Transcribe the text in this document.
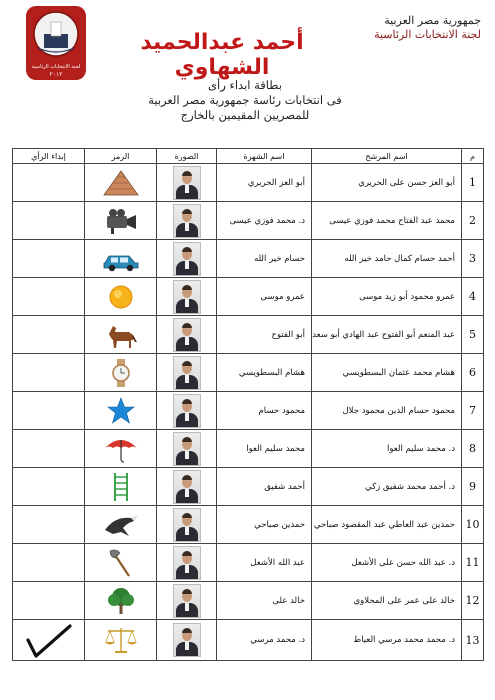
جمهورية مصر العربية
لجنة الانتخابات الرئاسية
أحمد عبدالحميد الشهاوي
لجنة الانتخابات الرئاسية
٢٠١٢
بطاقة ابداء رأى
فى انتخابات رئاسة جمهورية مصر العربية
للمصريين المقيمين بالخارج
م	اسم المرشح	اسم الشهرة	الصورة	الرمز	إبداء الرأي
1	أبو العز حسن على الحريري	أبو العز الحريري	

2	محمد عبد الفتاح محمد فوزي عيسى	د. محمد فوزي عيسى	

3	أحمد حسام كمال حامد خير الله	حسام خير الله	

4	عمرو محمود أبو زيد موسى	عمرو موسى	

5	عبد المنعم أبو الفتوح عبد الهادي أبو سعد	أبو الفتوح	

6	هشام محمد عثمان البسطويسي	هشام البسطويسي	

7	محمود حسام الدين محمود جلال	محمود حسام	

8	د. محمد سليم العوا	محمد سليم العوا	

9	د. أحمد محمد شفيق زكي	أحمد شفيق	

10	حمدين عبد العاطي عبد المقصود صباحي	حمدين صباحي	

11	د. عبد الله حسن على الأشعل	عبد الله الأشعل	

12	خالد على عمر على المحلاوي	خالد على	

13	د. محمد محمد مرسي العياط	د. محمد مرسي	
